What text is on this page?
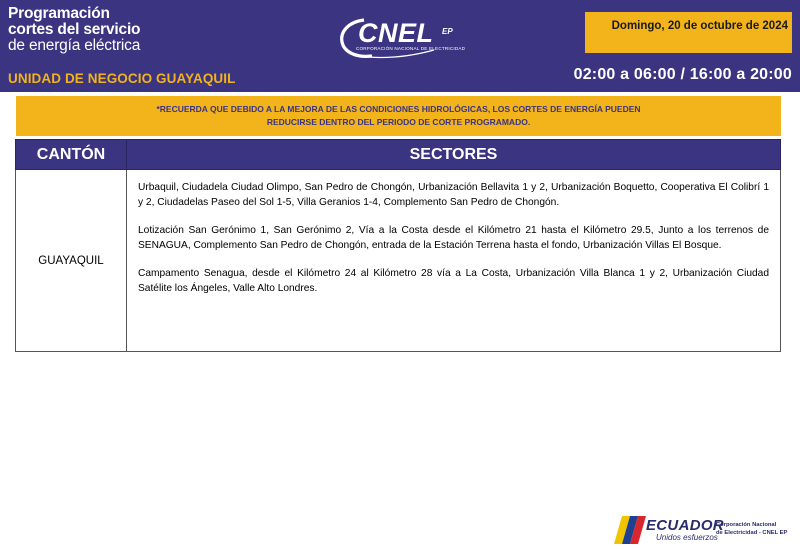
Programación
cortes del servicio
de energía eléctrica
UNIDAD DE NEGOCIO GUAYAQUIL
CNEL EP
CORPORACIÓN NACIONAL DE ELECTRICIDAD
Domingo, 20 de octubre de 2024
02:00 a 06:00 / 16:00 a 20:00
*RECUERDA QUE DEBIDO A LA MEJORA DE LAS CONDICIONES HIDROLÓGICAS, LOS CORTES DE ENERGÍA PUEDEN REDUCIRSE DENTRO DEL PERIODO DE CORTE PROGRAMADO.
CANTÓN	SECTORES
GUAYAQUIL	Urbaquil, Ciudadela Ciudad Olimpo, San Pedro de Chongón, Urbanización Bellavita 1 y 2, Urbanización Boquetto, Cooperativa El Colibrí 1 y 2, Ciudadelas Paseo del Sol 1-5, Villa Geranios 1-4, Complemento San Pedro de Chongón.

Lotización San Gerónimo 1, San Gerónimo 2, Vía a la Costa desde el Kilómetro 21 hasta el Kilómetro 29.5, Junto a los terrenos de SENAGUA, Complemento San Pedro de Chongón, entrada de la Estación Terrena hasta el fondo, Urbanización Villas El Bosque.

Campamento Senagua, desde el Kilómetro 24 al Kilómetro 28 vía a La Costa, Urbanización Villa Blanca 1 y 2, Urbanización Ciudad Satélite los Ángeles, Valle Alto Londres.

ECUADOR
Unidos esfuerzos
Corporación Nacional
de Electricidad - CNEL EP
